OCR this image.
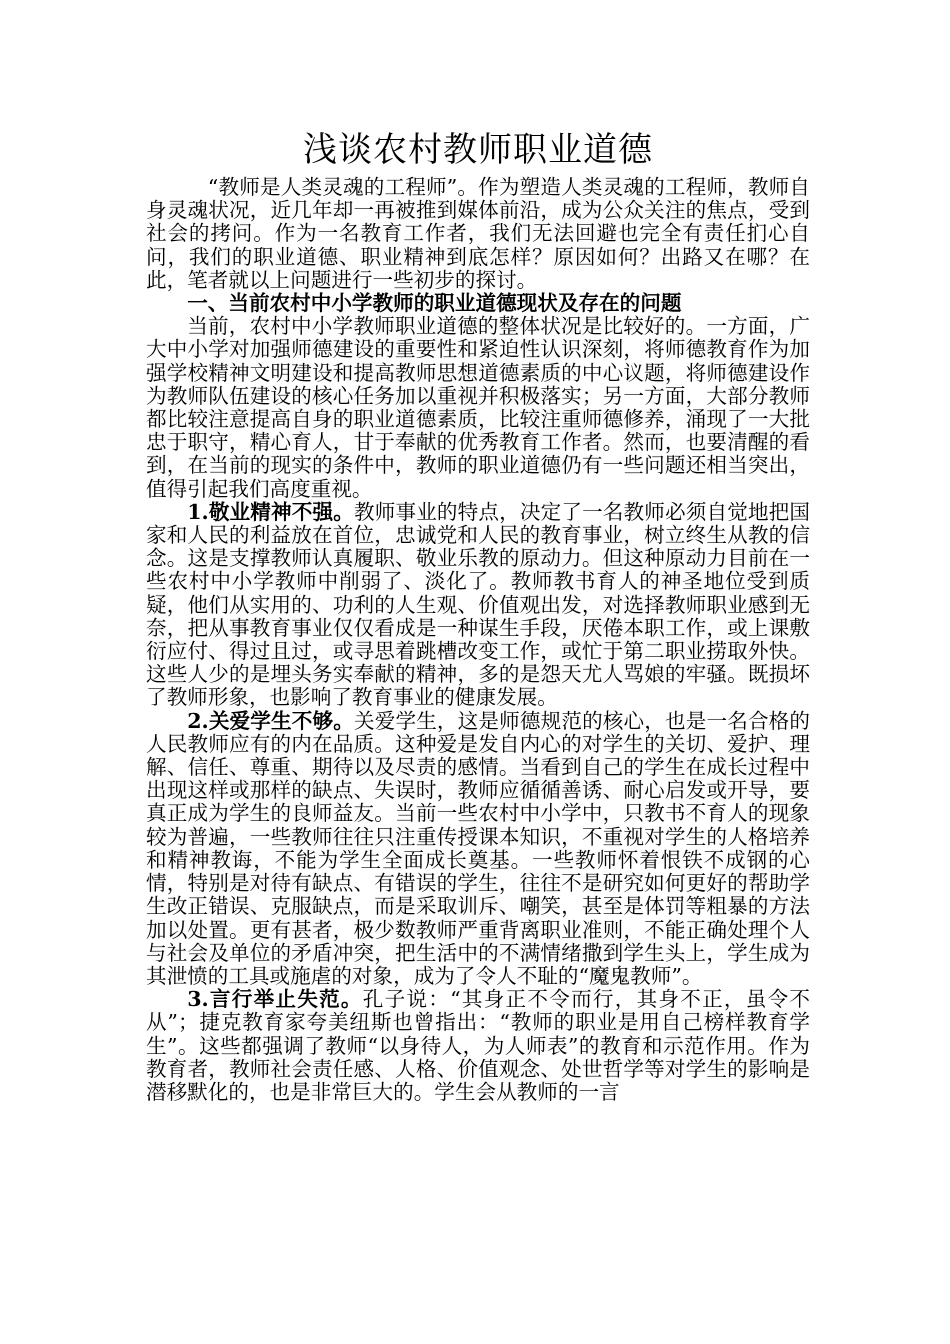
浅谈农村教师职业道德

“教师是人类灵魂的工程师”。作为塑造人类灵魂的工程师，教师自身灵魂状况，近几年却一再被推到媒体前沿，成为公众关注的焦点，受到社会的拷问。作为一名教育工作者，我们无法回避也完全有责任扪心自问，我们的职业道德、职业精神到底怎样？原因如何？出路又在哪？在此，笔者就以上问题进行一些初步的探讨。

一、当前农村中小学教师的职业道德现状及存在的问题

当前，农村中小学教师职业道德的整体状况是比较好的。一方面，广大中小学对加强师德建设的重要性和紧迫性认识深刻，将师德教育作为加强学校精神文明建设和提高教师思想道德素质的中心议题，将师德建设作为教师队伍建设的核心任务加以重视并积极落实；另一方面，大部分教师都比较注意提高自身的职业道德素质，比较注重师德修养，涌现了一大批忠于职守，精心育人，甘于奉献的优秀教育工作者。然而，也要清醒的看到，在当前的现实的条件中，教师的职业道德仍有一些问题还相当突出，值得引起我们高度重视。

1.敬业精神不强。教师事业的特点，决定了一名教师必须自觉地把国家和人民的利益放在首位，忠诚党和人民的教育事业，树立终生从教的信念。这是支撑教师认真履职、敬业乐教的原动力。但这种原动力目前在一些农村中小学教师中削弱了、淡化了。教师教书育人的神圣地位受到质疑，他们从实用的、功利的人生观、价值观出发，对选择教师职业感到无奈，把从事教育事业仅仅看成是一种谋生手段，厌倦本职工作，或上课敷衍应付、得过且过，或寻思着跳槽改变工作，或忙于第二职业捞取外快。这些人少的是埋头务实奉献的精神，多的是怨天尤人骂娘的牢骚。既损坏了教师形象，也影响了教育事业的健康发展。

2.关爱学生不够。关爱学生，这是师德规范的核心，也是一名合格的人民教师应有的内在品质。这种爱是发自内心的对学生的关切、爱护、理解、信任、尊重、期待以及尽责的感情。当看到自己的学生在成长过程中出现这样或那样的缺点、失误时，教师应循循善诱、耐心启发或开导，要真正成为学生的良师益友。当前一些农村中小学中，只教书不育人的现象较为普遍，一些教师往往只注重传授课本知识，不重视对学生的人格培养和精神教诲，不能为学生全面成长奠基。一些教师怀着恨铁不成钢的心情，特别是对待有缺点、有错误的学生，往往不是研究如何更好的帮助学生改正错误、克服缺点，而是采取训斥、嘲笑，甚至是体罚等粗暴的方法加以处置。更有甚者，极少数教师严重背离职业准则，不能正确处理个人与社会及单位的矛盾冲突，把生活中的不满情绪撒到学生头上，学生成为其泄愤的工具或施虐的对象，成为了令人不耻的“魔鬼教师”。

3.言行举止失范。孔子说：“其身正不令而行，其身不正，虽令不从”；捷克教育家夸美纽斯也曾指出：“教师的职业是用自己榜样教育学生”。这些都强调了教师“以身待人，为人师表”的教育和示范作用。作为教育者，教师社会责任感、人格、价值观念、处世哲学等对学生的影响是潜移默化的，也是非常巨大的。学生会从教师的一言
